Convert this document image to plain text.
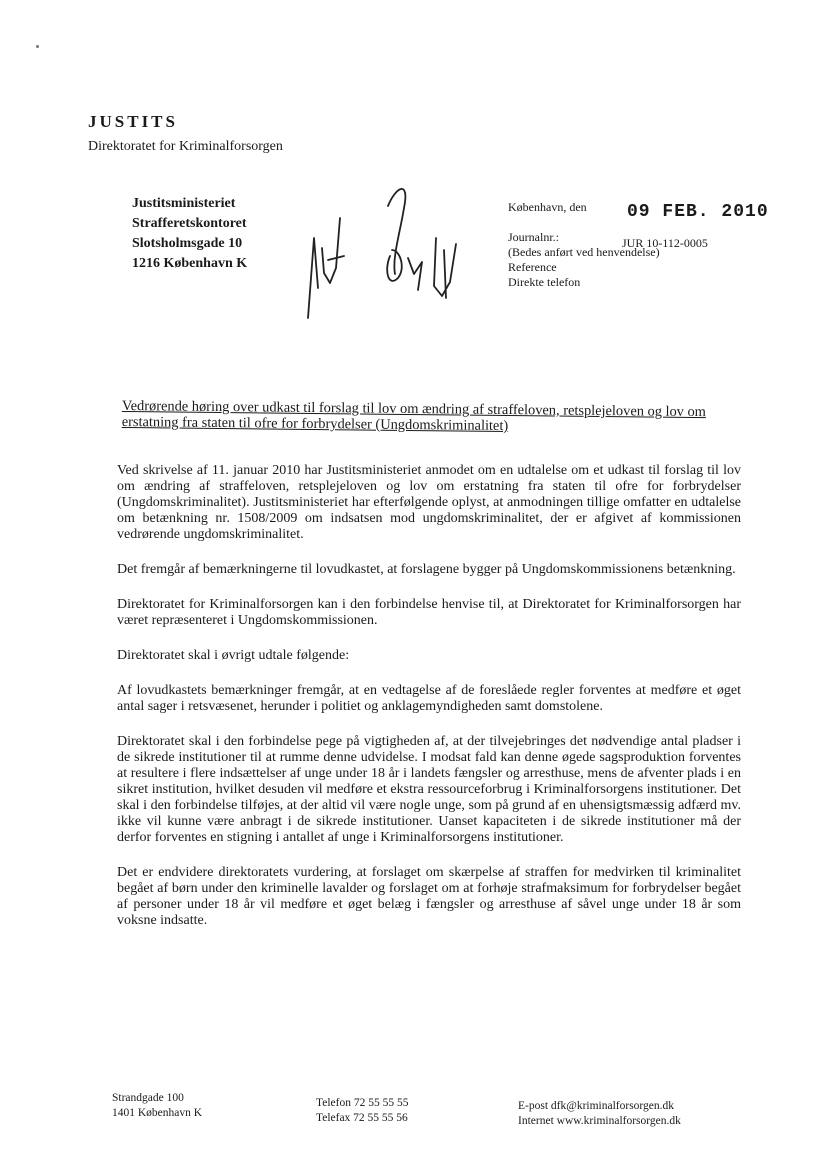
JUSTITS
Direktoratet for Kriminalforsorgen
Justitsministeriet
Strafferetskontoret
Slotsholmsgade 10
1216 København K
København, den
Journalnr.:
(Bedes anført ved henvendelse)
Reference
Direkte telefon
09 FEB. 2010
JUR 10-112-0005
Vedrørende høring over udkast til forslag til lov om ændring af straffeloven, retsplejeloven og lov om erstatning fra staten til ofre for forbrydelser (Ungdomskriminalitet)

Ved skrivelse af 11. januar 2010 har Justitsministeriet anmodet om en udtalelse om et udkast til forslag til lov om ændring af straffeloven, retsplejeloven og lov om erstatning fra staten til ofre for forbrydelser (Ungdomskriminalitet). Justitsministeriet har efterfølgende oplyst, at anmodningen tillige omfatter en udtalelse om betænkning nr. 1508/2009 om indsatsen mod ungdomskriminalitet, der er afgivet af kommissionen vedrørende ungdomskriminalitet.

Det fremgår af bemærkningerne til lovudkastet, at forslagene bygger på Ungdomskommissionens betænkning.

Direktoratet for Kriminalforsorgen kan i den forbindelse henvise til, at Direktoratet for Kriminalforsorgen har været repræsenteret i Ungdomskommissionen.

Direktoratet skal i øvrigt udtale følgende:

Af lovudkastets bemærkninger fremgår, at en vedtagelse af de foreslåede regler forventes at medføre et øget antal sager i retsvæsenet, herunder i politiet og anklagemyndigheden samt domstolene.

Direktoratet skal i den forbindelse pege på vigtigheden af, at der tilvejebringes det nødvendige antal pladser i de sikrede institutioner til at rumme denne udvidelse. I modsat fald kan denne øgede sagsproduktion forventes at resultere i flere indsættelser af unge under 18 år i landets fængsler og arresthuse, mens de afventer plads i en sikret institution, hvilket desuden vil medføre et ekstra ressourceforbrug i Kriminalforsorgens institutioner. Det skal i den forbindelse tilføjes, at der altid vil være nogle unge, som på grund af en uhensigtsmæssig adfærd mv. ikke vil kunne være anbragt i de sikrede institutioner. Uanset kapaciteten i de sikrede institutioner må der derfor forventes en stigning i antallet af unge i Kriminalforsorgens institutioner.

Det er endvidere direktoratets vurdering, at forslaget om skærpelse af straffen for medvirken til kriminalitet begået af børn under den kriminelle lavalder og forslaget om at forhøje strafmaksimum for forbrydelser begået af personer under 18 år vil medføre et øget belæg i fængsler og arresthuse af såvel unge under 18 år som voksne indsatte.

Strandgade 100
1401 København K
Telefon 72 55 55 55
Telefax 72 55 55 56
E-post dfk@kriminalforsorgen.dk
Internet www.kriminalforsorgen.dk
